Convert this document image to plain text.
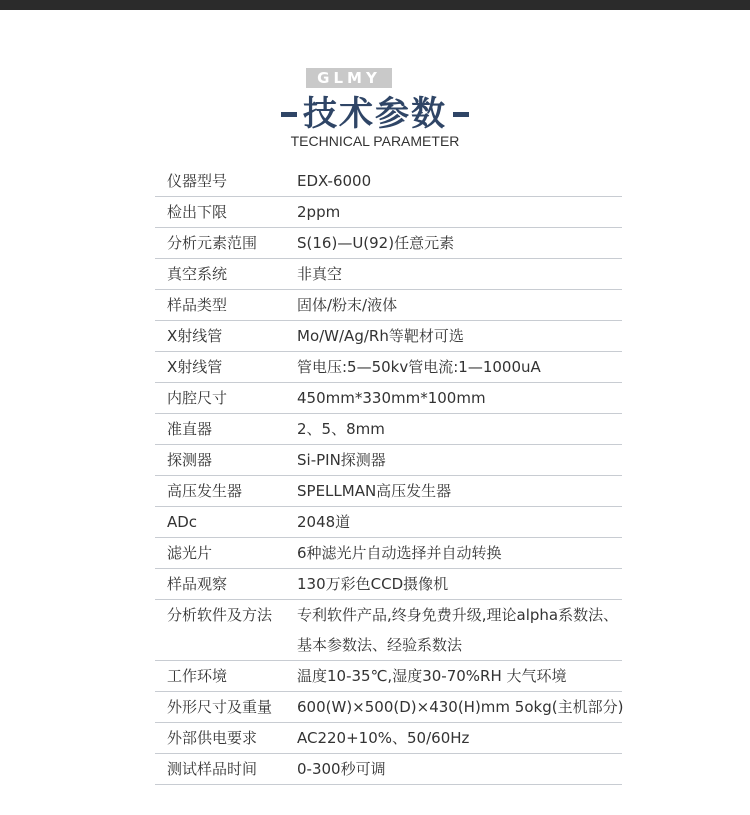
GLMY
技术参数
TECHNICAL PARAMETER
仪器型号	EDX-6000
检出下限	2ppm
分析元素范围	S(16)—U(92)任意元素
真空系统	非真空
样品类型	固体/粉末/液体
X射线管	Mo/W/Ag/Rh等靶材可选
X射线管	管电压:5—50kv管电流:1—1000uA
内腔尺寸	450mm*330mm*100mm
准直器	2、5、8mm
探测器	Si-PIN探测器
高压发生器	SPELLMAN高压发生器
ADc	2048道
滤光片	6种滤光片自动选择并自动转换
样品观察	130万彩色CCD摄像机
分析软件及方法	专利软件产品,终身免费升级,理论alpha系数法、
基本参数法、经验系数法
工作环境	温度10-35℃,湿度30-70%RH 大气环境
外形尺寸及重量	600(W)×500(D)×430(H)mm 5okg(主机部分)
外部供电要求	AC220+10%、50/60Hz
测试样品时间	0-300秒可调
